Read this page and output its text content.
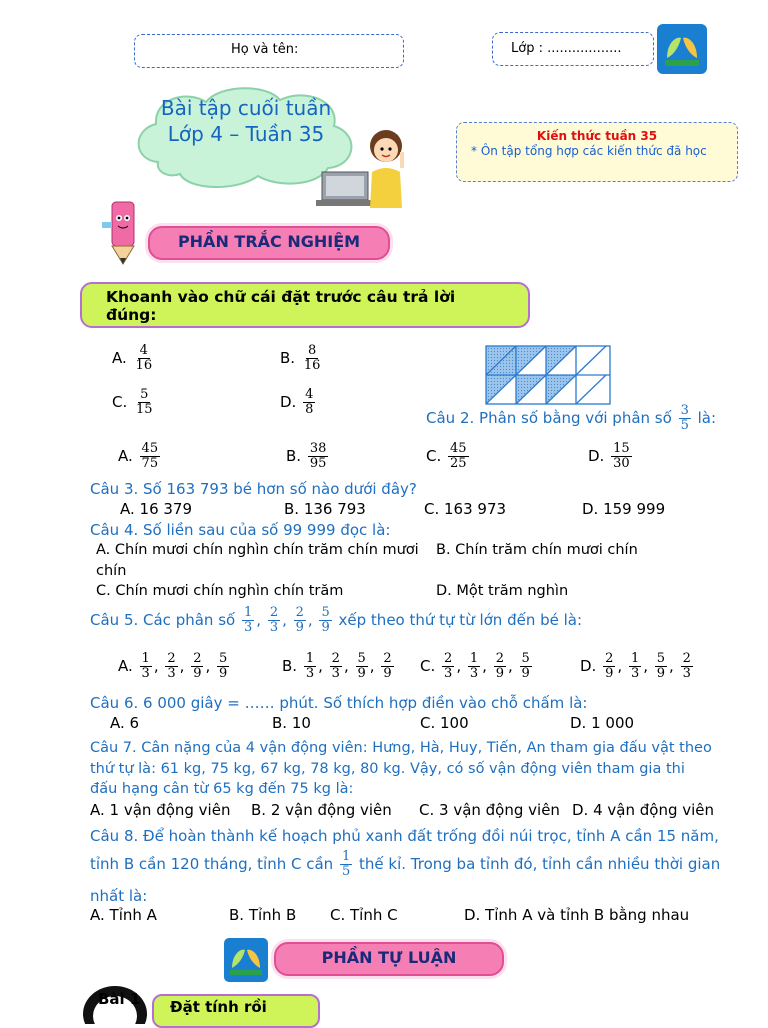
Họ và tên:	Lớp : ..................
Bài tập cuối tuần
Lớp 4 – Tuần 35	Kiến thức tuần 35
* Ôn tập tổng hợp các kiến thức đã học
PHẦN TRẮC NGHIỆM
Khoanh vào chữ cái đặt trước câu trả lời đúng:
A. $\frac{4}{16}$	B. $\frac{8}{16}$
C. $\frac{5}{15}$	D. $\frac{4}{8}$
Câu 2. Phân số bằng với phân số $\frac{3}{5}$ là:
A. $\frac{45}{75}$	B. $\frac{38}{95}$	C. $\frac{45}{25}$	D. $\frac{15}{30}$
Câu 3. Số 163 793 bé hơn số nào dưới đây?
A. 16 379	B. 136 793	C. 163 973	D. 159 999
Câu 4. Số liền sau của số 99 999 đọc là:
A. Chín mươi chín nghìn chín trăm chín mươi B. Chín trăm chín mươi chín
chín
C. Chín mươi chín nghìn chín trăm	D. Một trăm nghìn
Câu 5. Các phân số $\frac{1}{3}$ , $\frac{2}{3}$ , $\frac{2}{9}$ , $\frac{5}{9}$ xếp theo thứ tự từ lớn đến bé là:
A. $\frac{1}{3}$ , $\frac{2}{3}$ , $\frac{2}{9}$ , $\frac{5}{9}$	B. $\frac{1}{3}$ , $\frac{2}{3}$ , $\frac{5}{9}$ , $\frac{2}{9} C$. $\frac{2}{3}$ , $\frac{1}{3}$ , $\frac{2}{9}$ , $\frac{5}{9}$	D. $\frac{2}{9}$ , $\frac{1}{3}$ , $\frac{5}{9}$ , $\frac{2}{3}$
Câu 6. 6 000 giây = …… phút. Số thích hợp điền vào chỗ chấm là:
A. 6	B. 10	C. 100	D. 1 000
Câu 7. Cân nặng của 4 vận động viên: Hưng, Hà, Huy, Tiến, An tham gia đấu vật theo
thứ tự là: 61 kg, 75 kg, 67 kg, 78 kg, 80 kg. Vậy, có số vận động viên tham gia thi
đấu hạng cân từ 65 kg đến 75 kg là:
A. 1 vận động viên B. 2 vận động viên C. 3 vận động viên D. 4 vận động viên
Câu 8. Để hoàn thành kế hoạch phủ xanh đất trống đồi núi trọc, tỉnh A cần 15 năm,
tỉnh B cần 120 tháng, tỉnh C cần $\frac{1}{5}$ thế kỉ. Trong ba tỉnh đó, tỉnh cần nhiều thời gian
nhất là:
A. Tỉnh A	B. Tỉnh B C. Tỉnh C	D. Tỉnh A và tỉnh B bằng nhau
PHẦN TỰ LUẬN
Bài 1 Đặt tính rồi
